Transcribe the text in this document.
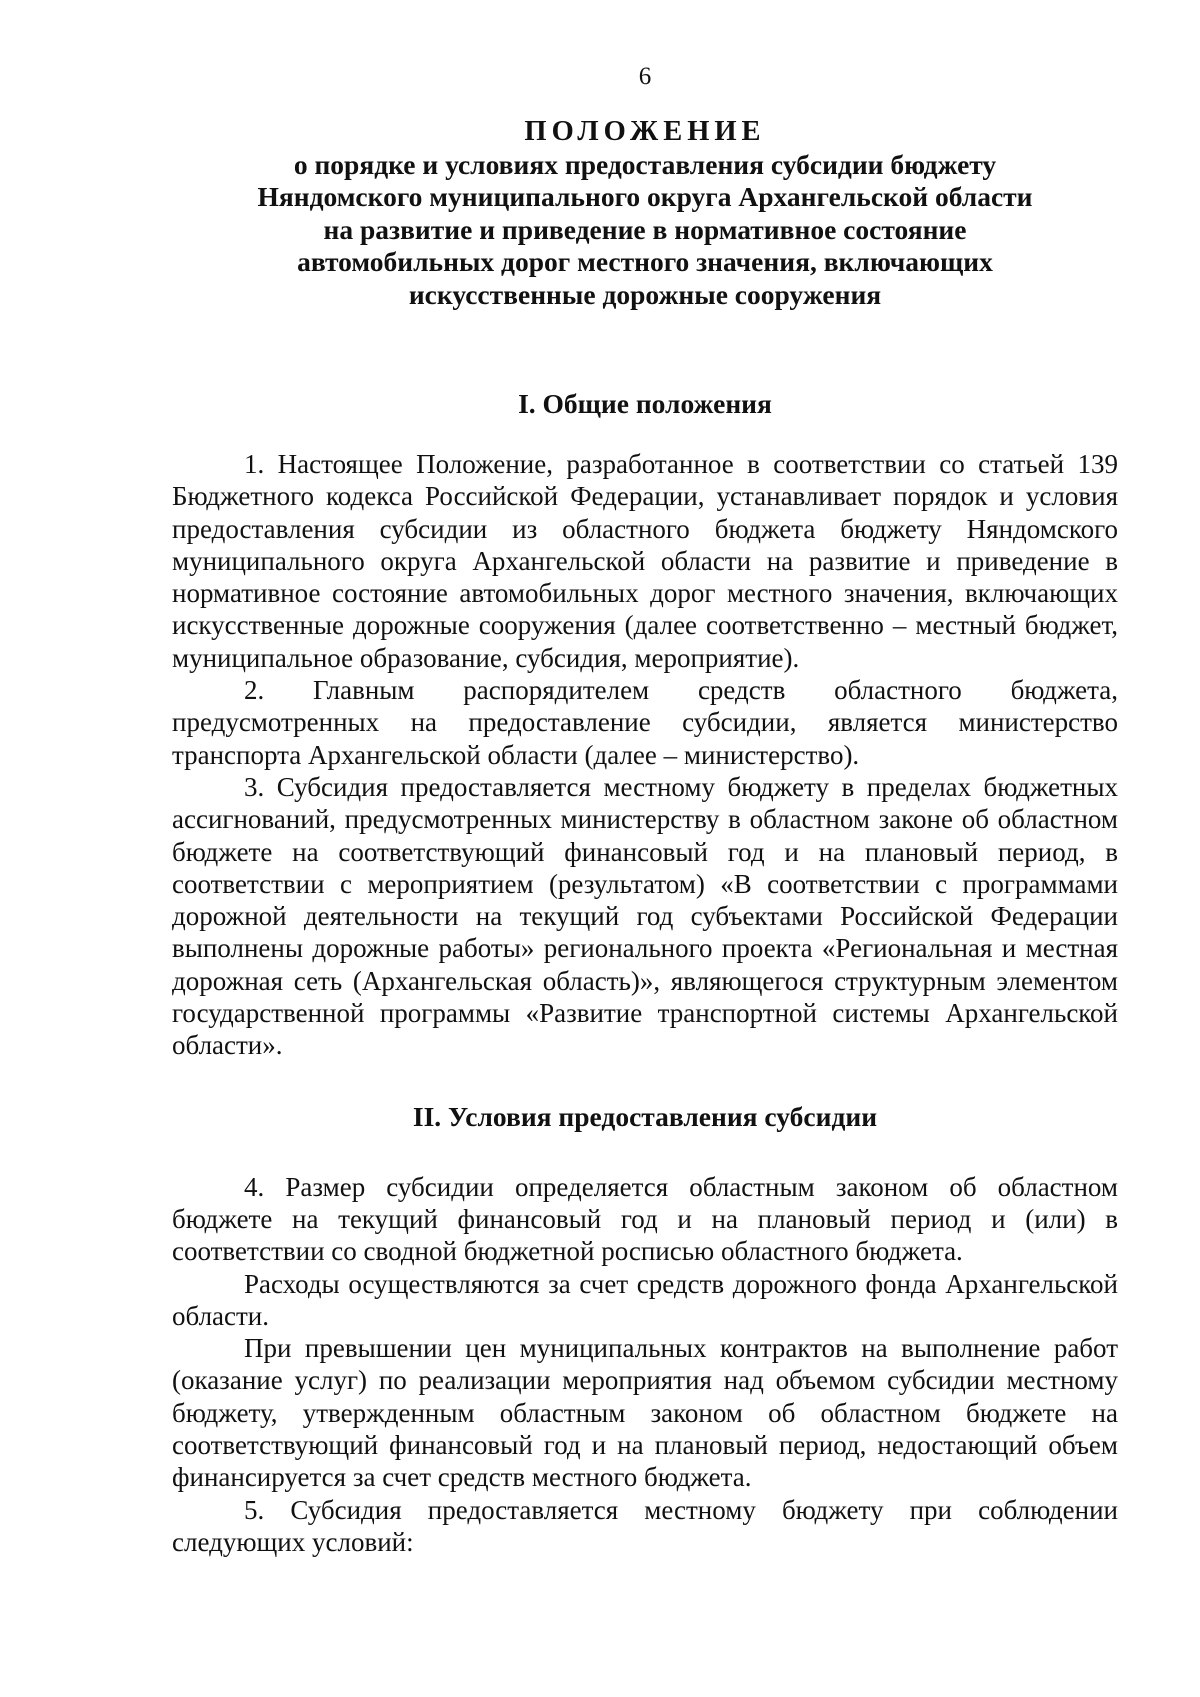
6
ПОЛОЖЕНИЕ
о порядке и условиях предоставления субсидии бюджету
Няндомского муниципального округа Архангельской области
на развитие и приведение в нормативное состояние
автомобильных дорог местного значения, включающих
искусственные дорожные сооружения
I. Общие положения

1. Настоящее Положение, разработанное в соответствии со статьей 139 Бюджетного кодекса Российской Федерации, устанавливает порядок и условия предоставления субсидии из областного бюджета бюджету Няндомского муниципального округа Архангельской области на развитие и приведение в нормативное состояние автомобильных дорог местного значения, включающих искусственные дорожные сооружения (далее соответственно – местный бюджет, муниципальное образование, субсидия, мероприятие).

2. Главным распорядителем средств областного бюджета, предусмотренных на предоставление субсидии, является министерство транспорта Архангельской области (далее – министерство).

3. Субсидия предоставляется местному бюджету в пределах бюджетных ассигнований, предусмотренных министерству в областном законе об областном бюджете на соответствующий финансовый год и на плановый период, в соответствии с мероприятием (результатом) «В соответствии с программами дорожной деятельности на текущий год субъектами Российской Федерации выполнены дорожные работы» регионального проекта «Региональная и местная дорожная сеть (Архангельская область)», являющегося структурным элементом государственной программы «Развитие транспортной системы Архангельской области».

II. Условия предоставления субсидии

4. Размер субсидии определяется областным законом об областном бюджете на текущий финансовый год и на плановый период и (или) в соответствии со сводной бюджетной росписью областного бюджета.

Расходы осуществляются за счет средств дорожного фонда Архангельской области.

При превышении цен муниципальных контрактов на выполнение работ (оказание услуг) по реализации мероприятия над объемом субсидии местному бюджету, утвержденным областным законом об областном бюджете на соответствующий финансовый год и на плановый период, недостающий объем финансируется за счет средств местного бюджета.

5. Субсидия предоставляется местному бюджету при соблюдении следующих условий:
